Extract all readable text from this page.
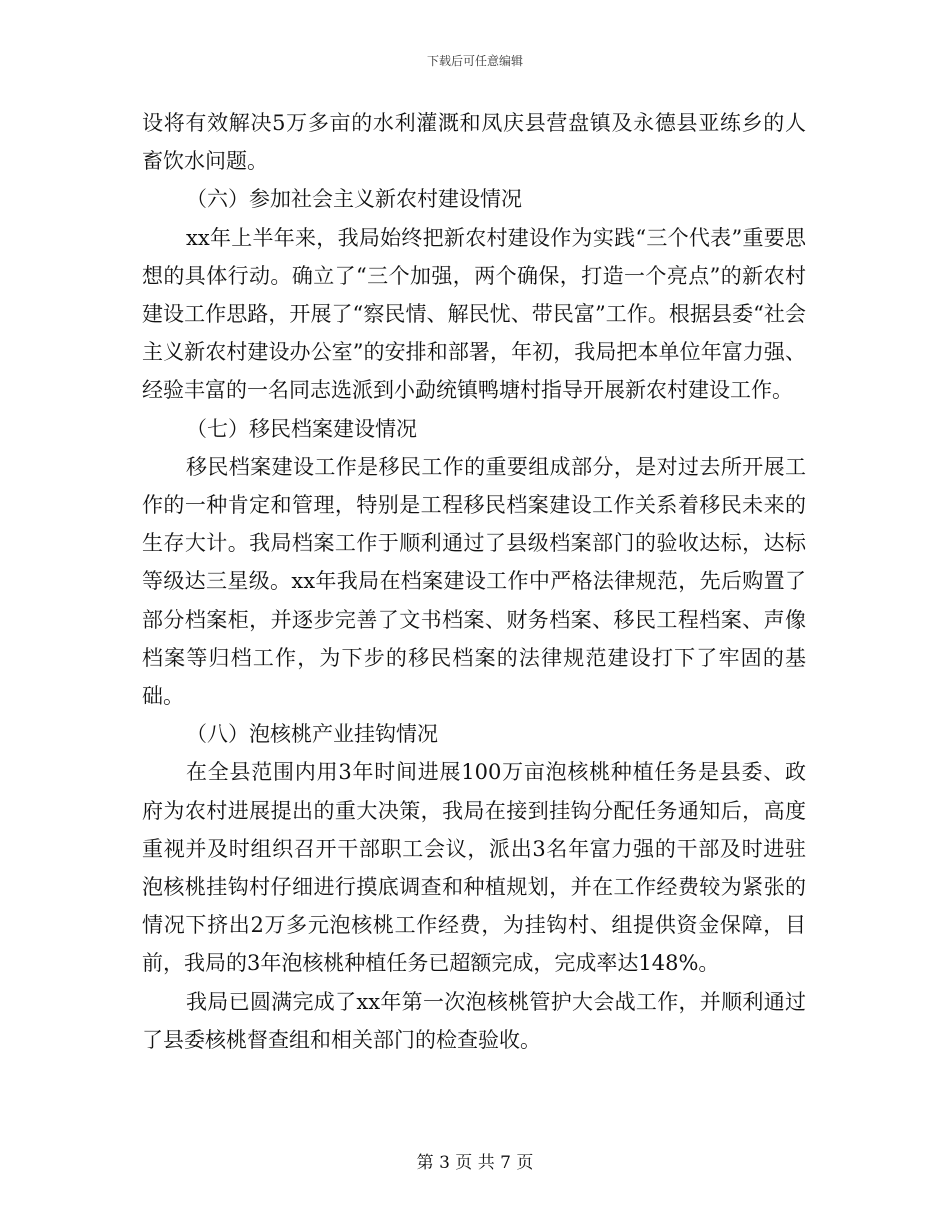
下载后可任意编辑

设将有效解决5万多亩的水利灌溉和凤庆县营盘镇及永德县亚练乡的人畜饮水问题。

（六）参加社会主义新农村建设情况

xx年上半年来，我局始终把新农村建设作为实践“三个代表”重要思想的具体行动。确立了“三个加强，两个确保，打造一个亮点”的新农村建设工作思路，开展了“察民情、解民忧、带民富”工作。根据县委“社会主义新农村建设办公室”的安排和部署，年初，我局把本单位年富力强、经验丰富的一名同志选派到小勐统镇鸭塘村指导开展新农村建设工作。

（七）移民档案建设情况

移民档案建设工作是移民工作的重要组成部分，是对过去所开展工作的一种肯定和管理，特别是工程移民档案建设工作关系着移民未来的生存大计。我局档案工作于顺利通过了县级档案部门的验收达标，达标等级达三星级。xx年我局在档案建设工作中严格法律规范，先后购置了部分档案柜，并逐步完善了文书档案、财务档案、移民工程档案、声像档案等归档工作，为下步的移民档案的法律规范建设打下了牢固的基础。

（八）泡核桃产业挂钩情况

在全县范围内用3年时间进展100万亩泡核桃种植任务是县委、政府为农村进展提出的重大决策，我局在接到挂钩分配任务通知后，高度重视并及时组织召开干部职工会议，派出3名年富力强的干部及时进驻泡核桃挂钩村仔细进行摸底调查和种植规划，并在工作经费较为紧张的情况下挤出2万多元泡核桃工作经费，为挂钩村、组提供资金保障，目前，我局的3年泡核桃种植任务已超额完成，完成率达148%。

我局已圆满完成了xx年第一次泡核桃管护大会战工作，并顺利通过了县委核桃督查组和相关部门的检查验收。

第 3 页 共 7 页
